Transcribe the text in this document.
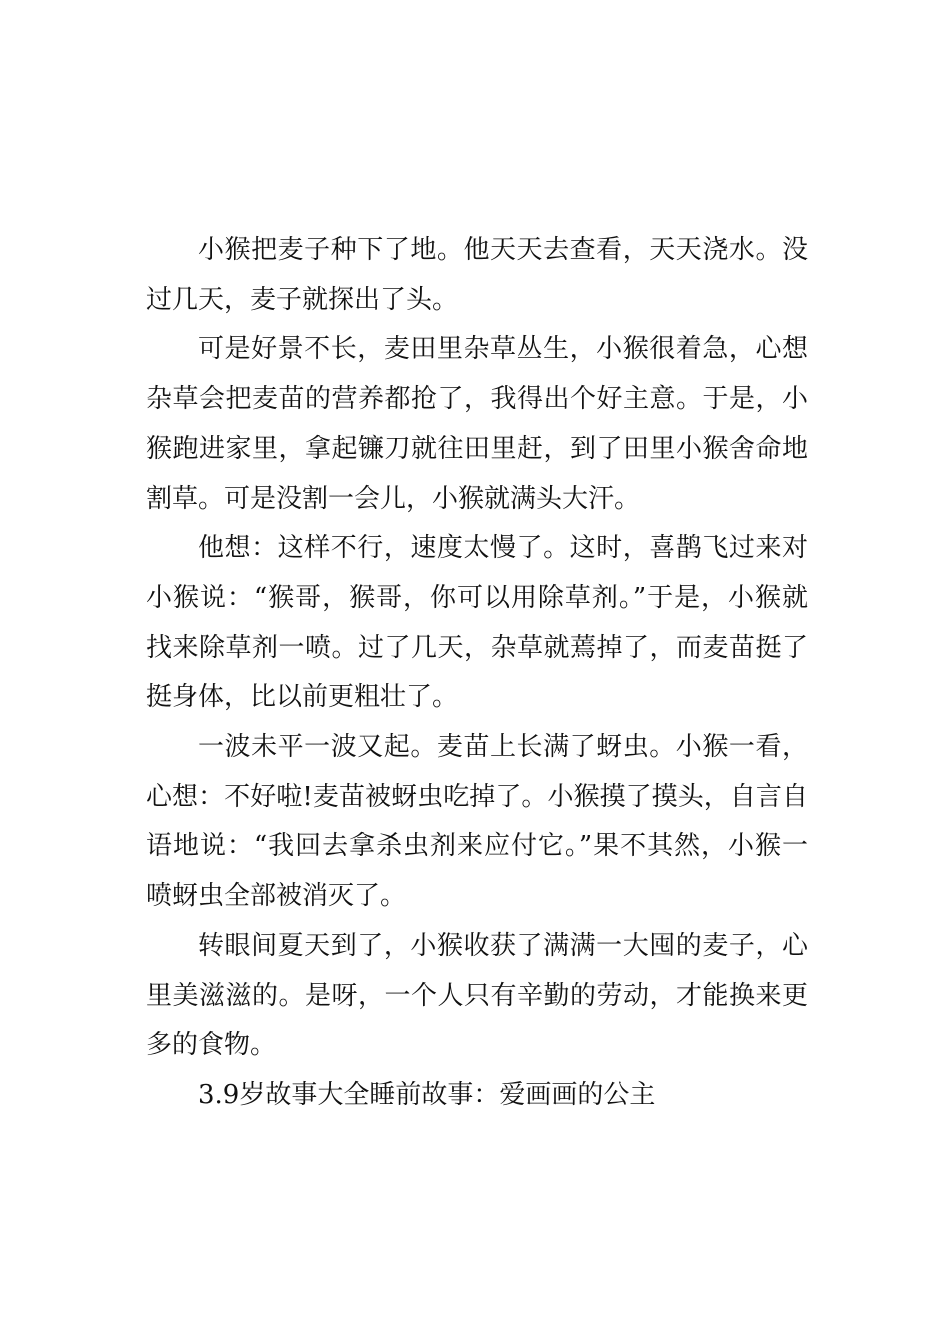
小猴把麦子种下了地。他天天去查看，天天浇水。没过几天，麦子就探出了头。

可是好景不长，麦田里杂草丛生，小猴很着急，心想杂草会把麦苗的营养都抢了，我得出个好主意。于是，小猴跑进家里，拿起镰刀就往田里赶，到了田里小猴舍命地割草。可是没割一会儿，小猴就满头大汗。

他想：这样不行，速度太慢了。这时，喜鹊飞过来对小猴说：“猴哥，猴哥，你可以用除草剂。”于是，小猴就找来除草剂一喷。过了几天，杂草就蔫掉了，而麦苗挺了挺身体，比以前更粗壮了。

一波未平一波又起。麦苗上长满了蚜虫。小猴一看，心想：不好啦!麦苗被蚜虫吃掉了。小猴摸了摸头，自言自语地说：“我回去拿杀虫剂来应付它。”果不其然，小猴一喷蚜虫全部被消灭了。

转眼间夏天到了，小猴收获了满满一大囤的麦子，心里美滋滋的。是呀，一个人只有辛勤的劳动，才能换来更多的食物。

3.9岁故事大全睡前故事：爱画画的公主
